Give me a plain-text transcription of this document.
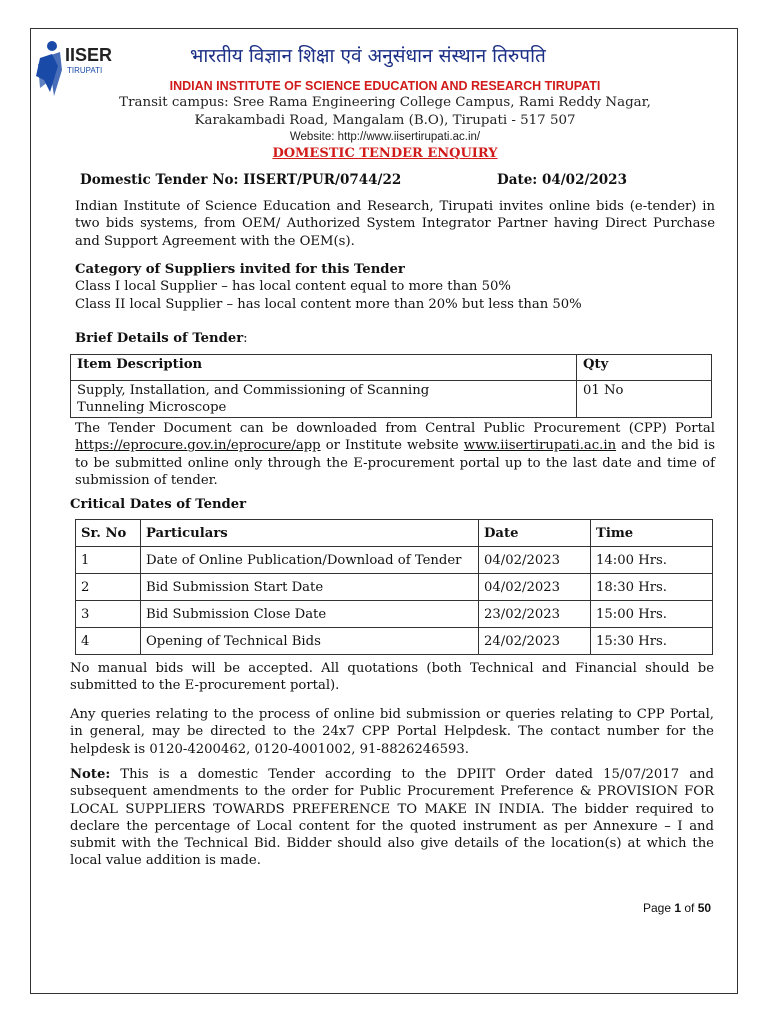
IISER
TIRUPATI
भारतीय विज्ञान शिक्षा एवं अनुसंधान संस्थान तिरुपति
INDIAN INSTITUTE OF SCIENCE EDUCATION AND RESEARCH TIRUPATI
Transit campus: Sree Rama Engineering College Campus, Rami Reddy Nagar,
Karakambadi Road, Mangalam (B.O), Tirupati - 517 507
Website: http://www.iisertirupati.ac.in/
DOMESTIC TENDER ENQUIRY
Domestic Tender No: IISERT/PUR/0744/22	Date: 04/02/2023
Indian Institute of Science Education and Research, Tirupati invites online bids (e-tender) in two bids systems, from OEM/ Authorized System Integrator Partner having Direct Purchase and Support Agreement with the OEM(s).

Category of Suppliers invited for this Tender

Class I local Supplier – has local content equal to more than 50%

Class II local Supplier – has local content more than 20% but less than 50%

Brief Details of Tender:
Item Description	Qty
Supply, Installation, and Commissioning of Scanning Tunneling Microscope	01 No
The Tender Document can be downloaded from Central Public Procurement (CPP) Portal https://eprocure.gov.in/eprocure/app or Institute website www.iisertirupati.ac.in and the bid is to be submitted online only through the E-procurement portal up to the last date and time of submission of tender.
Critical Dates of Tender
Sr. No	Particulars	Date	Time
1	Date of Online Publication/Download of Tender	04/02/2023	14:00 Hrs.
2	Bid Submission Start Date	04/02/2023	18:30 Hrs.
3	Bid Submission Close Date	23/02/2023	15:00 Hrs.
4	Opening of Technical Bids	24/02/2023	15:30 Hrs.
No manual bids will be accepted. All quotations (both Technical and Financial should be submitted to the E-procurement portal).
Any queries relating to the process of online bid submission or queries relating to CPP Portal, in general, may be directed to the 24x7 CPP Portal Helpdesk. The contact number for the helpdesk is 0120-4200462, 0120-4001002, 91-8826246593.
Note: This is a domestic Tender according to the DPIIT Order dated 15/07/2017 and subsequent amendments to the order for Public Procurement Preference & PROVISION FOR LOCAL SUPPLIERS TOWARDS PREFERENCE TO MAKE IN INDIA. The bidder required to declare the percentage of Local content for the quoted instrument as per Annexure – I and submit with the Technical Bid. Bidder should also give details of the location(s) at which the local value addition is made.
Page 1 of 50
